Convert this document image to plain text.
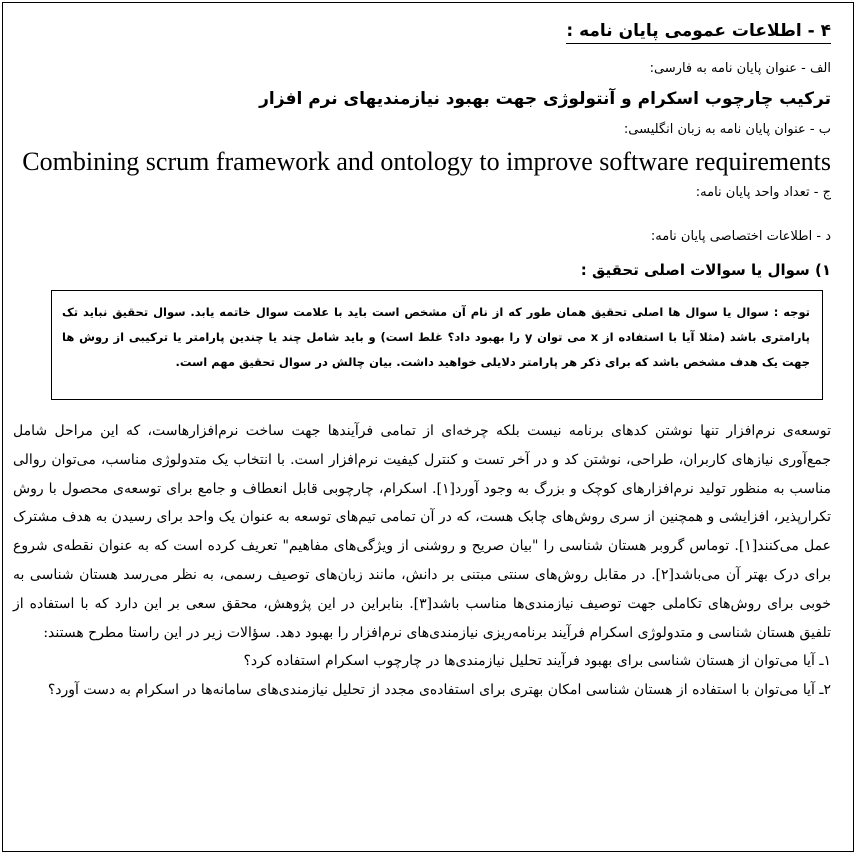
۴ - اطلاعات عمومی پایان نامه :
الف - عنوان پایان نامه به فارسی:
ترکیب چارچوب اسکرام و آنتولوژی جهت بهبود نیازمندیهای نرم افزار
ب - عنوان پایان نامه به زبان انگلیسی:
Combining scrum framework and ontology to improve software requirements
ج - تعداد واحد پایان نامه:
د - اطلاعات اختصاصی پایان نامه:
۱) سوال یا سوالات اصلی تحقیق :
توجه : سوال یا سوال ها اصلی تحقیق همان طور که از نام آن مشخص است باید با علامت سوال خاتمه یابد. سوال تحقیق نباید تک پارامتری باشد (مثلا آیا با استفاده از x می توان y را بهبود داد؟ غلط است) و باید شامل چند یا چندین پارامتر یا ترکیبی از روش ها جهت یک هدف مشخص باشد که برای ذکر هر پارامتر دلایلی خواهید داشت. بیان چالش در سوال تحقیق مهم است.

توسعه‌ی نرم‌افزار تنها نوشتن کدهای برنامه نیست بلکه چرخه‌ای از تمامی فرآیندها جهت ساخت نرم‌افزارهاست، که این مراحل شامل جمع‌آوری نیازهای کاربران، طراحی، نوشتن کد و در آخر تست و کنترل کیفیت نرم‌افزار است. با انتخاب یک متدولوژی مناسب، می‌توان روالی مناسب به منظور تولید نرم‌افزارهای کوچک و بزرگ به وجود آورد[۱]. اسکرام، چارچوبی قابل انعطاف و جامع برای توسعه‌ی محصول با روش تکرارپذیر، افزایشی و همچنین از سری روش‌های چابک هست، که در آن تمامی تیم‌های توسعه به عنوان یک واحد برای رسیدن به هدف مشترک عمل می‌کنند[۱]. توماس گروبر هستان شناسی را "بیان صریح و روشنی از ویژگی‌های مفاهیم" تعریف کرده است که به عنوان نقطه‌ی شروع برای درک بهتر آن می‌باشد[۲]. در مقابل روش‌های سنتی مبتنی بر دانش، مانند زبان‌های توصیف رسمی، به نظر می‌رسد هستان شناسی به خوبی برای روش‌های تکاملی جهت توصیف نیازمندی‌ها مناسب باشد[۳]. بنابراین در این پژوهش، محقق سعی بر این دارد که با استفاده از تلفیق هستان شناسی و متدولوژی اسکرام فرآیند برنامه‌ریزی نیازمندی‌های نرم‌افزار را بهبود دهد. سؤالات زیر در این راستا مطرح هستند:

۱ـ آیا می‌توان از هستان شناسی برای بهبود فرآیند تحلیل نیازمندی‌ها در چارچوب اسکرام استفاده کرد؟

۲ـ آیا می‌توان با استفاده از هستان شناسی امکان بهتری برای استفاده‌ی مجدد از تحلیل نیازمندی‌های سامانه‌ها در اسکرام به دست آورد؟
